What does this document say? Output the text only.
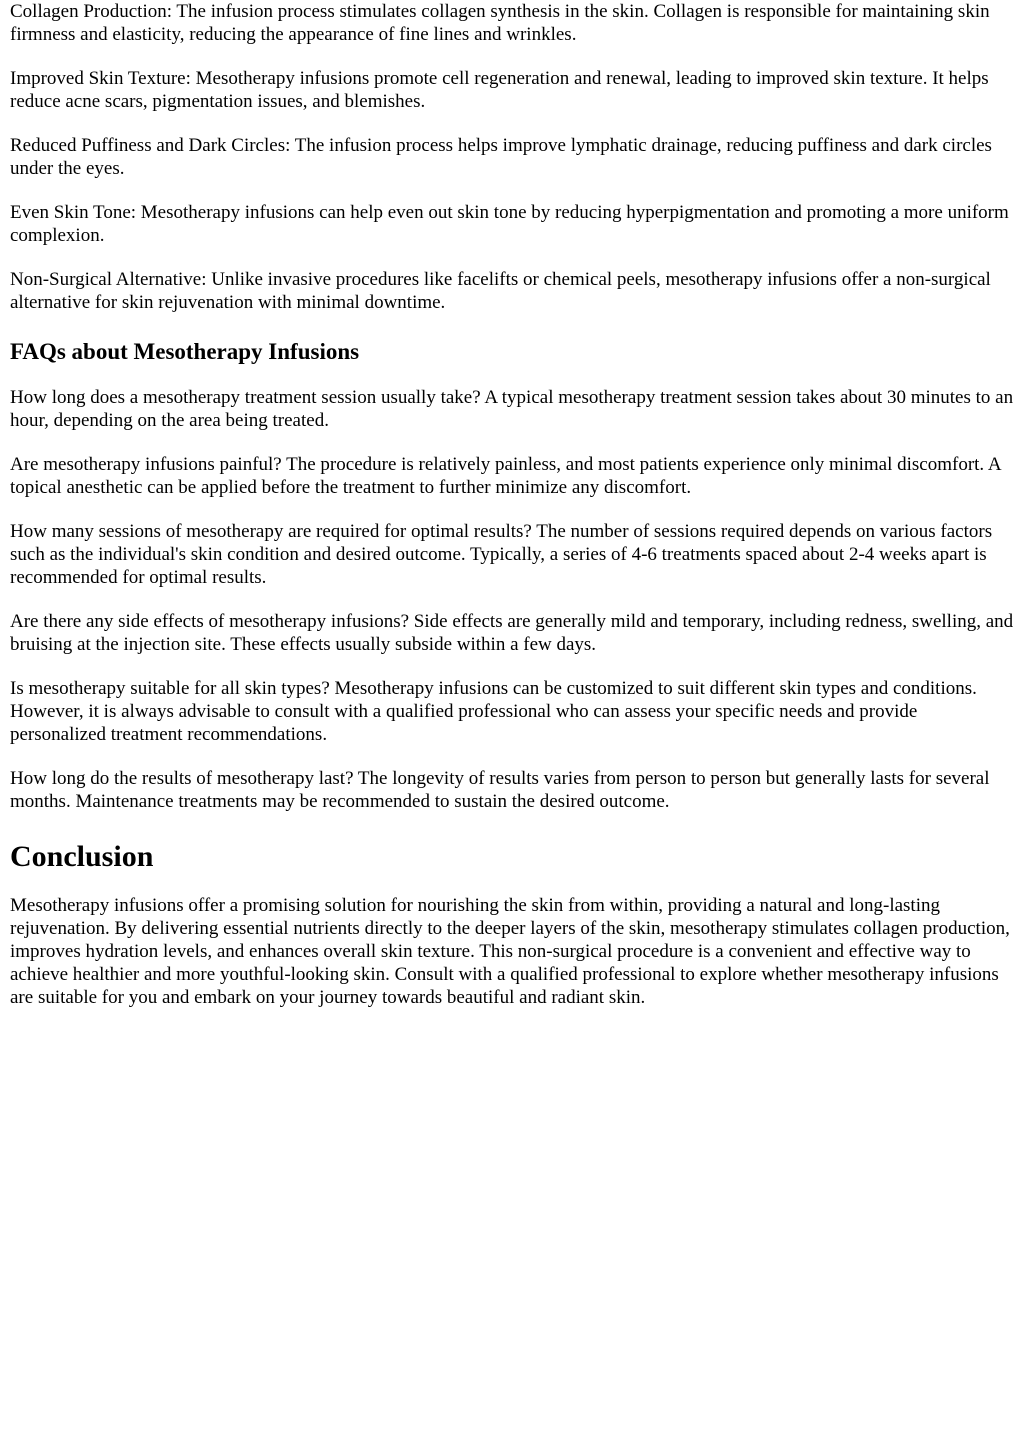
Collagen Production: The infusion process stimulates collagen synthesis in the skin. Collagen is responsible for maintaining skin firmness and elasticity, reducing the appearance of fine lines and wrinkles.

Improved Skin Texture: Mesotherapy infusions promote cell regeneration and renewal, leading to improved skin texture. It helps reduce acne scars, pigmentation issues, and blemishes.

Reduced Puffiness and Dark Circles: The infusion process helps improve lymphatic drainage, reducing puffiness and dark circles under the eyes.

Even Skin Tone: Mesotherapy infusions can help even out skin tone by reducing hyperpigmentation and promoting a more uniform complexion.

Non-Surgical Alternative: Unlike invasive procedures like facelifts or chemical peels, mesotherapy infusions offer a non-surgical alternative for skin rejuvenation with minimal downtime.

FAQs about Mesotherapy Infusions

How long does a mesotherapy treatment session usually take? A typical mesotherapy treatment session takes about 30 minutes to an hour, depending on the area being treated.

Are mesotherapy infusions painful? The procedure is relatively painless, and most patients experience only minimal discomfort. A topical anesthetic can be applied before the treatment to further minimize any discomfort.

How many sessions of mesotherapy are required for optimal results? The number of sessions required depends on various factors such as the individual's skin condition and desired outcome. Typically, a series of 4-6 treatments spaced about 2-4 weeks apart is recommended for optimal results.

Are there any side effects of mesotherapy infusions? Side effects are generally mild and temporary, including redness, swelling, and bruising at the injection site. These effects usually subside within a few days.

Is mesotherapy suitable for all skin types? Mesotherapy infusions can be customized to suit different skin types and conditions. However, it is always advisable to consult with a qualified professional who can assess your specific needs and provide personalized treatment recommendations.

How long do the results of mesotherapy last? The longevity of results varies from person to person but generally lasts for several months. Maintenance treatments may be recommended to sustain the desired outcome.

Conclusion

Mesotherapy infusions offer a promising solution for nourishing the skin from within, providing a natural and long-lasting rejuvenation. By delivering essential nutrients directly to the deeper layers of the skin, mesotherapy stimulates collagen production, improves hydration levels, and enhances overall skin texture. This non-surgical procedure is a convenient and effective way to achieve healthier and more youthful-looking skin. Consult with a qualified professional to explore whether mesotherapy infusions are suitable for you and embark on your journey towards beautiful and radiant skin.
